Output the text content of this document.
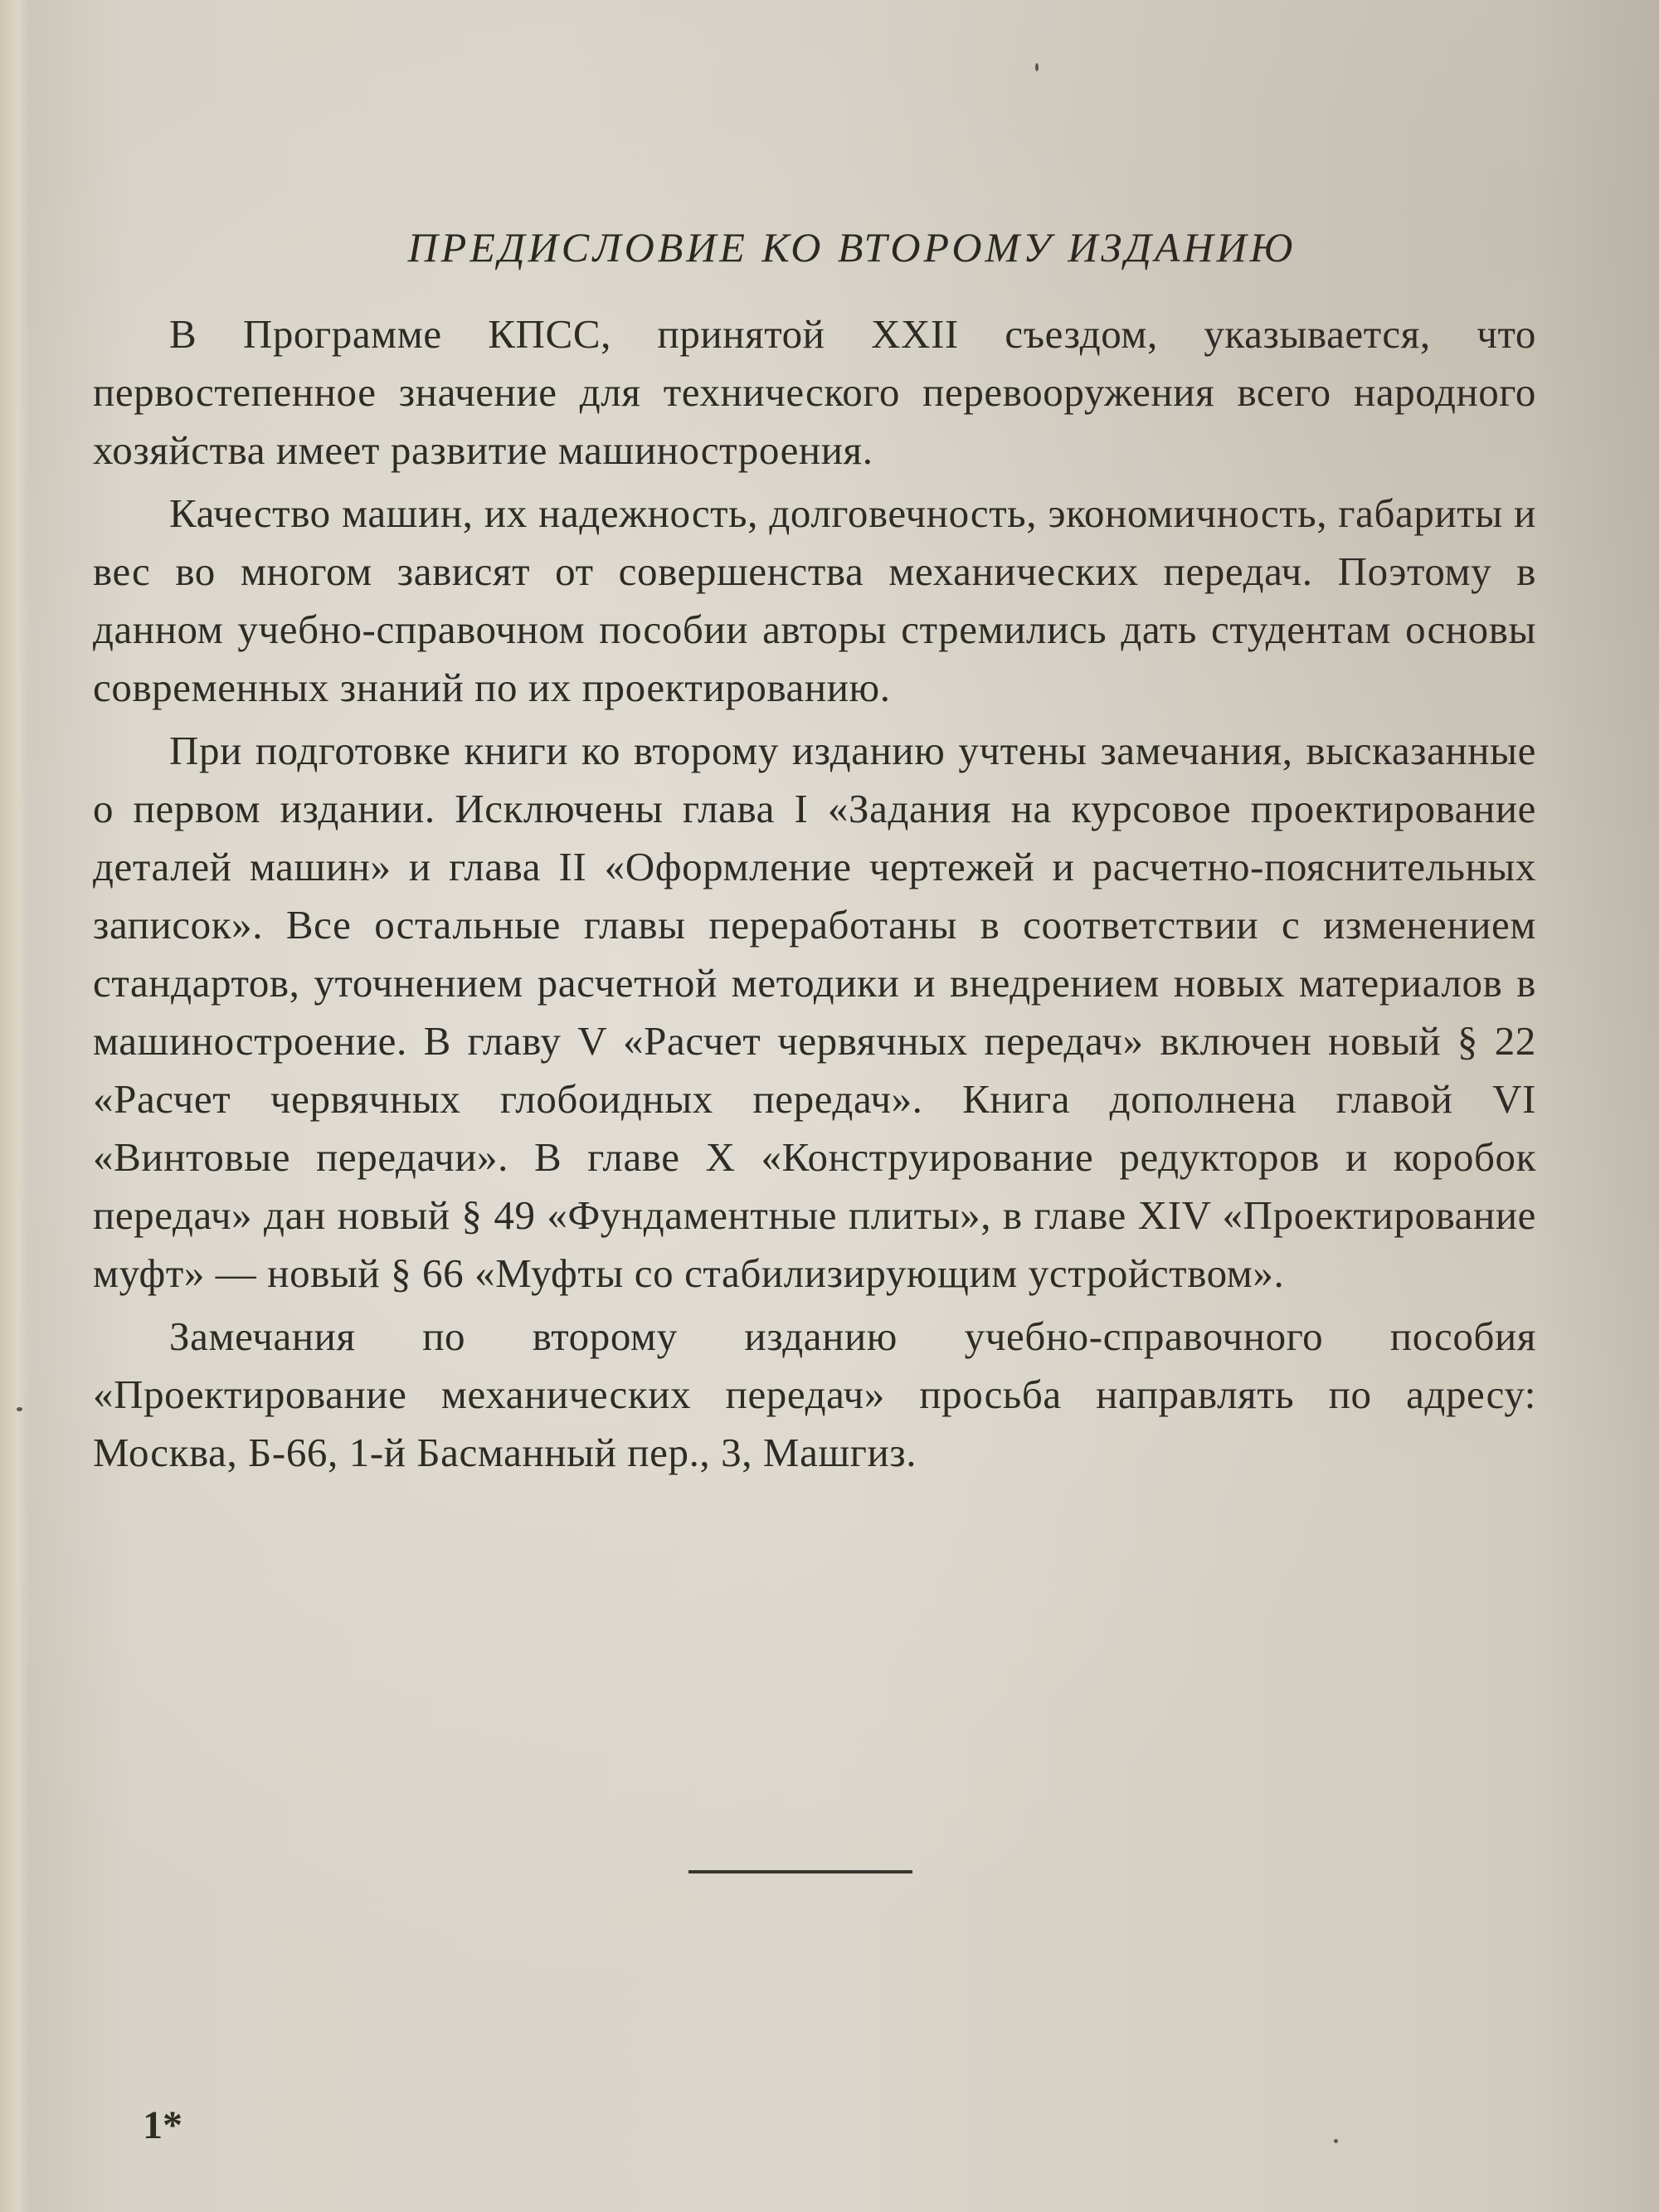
ПРЕДИСЛОВИЕ КО ВТОРОМУ ИЗДАНИЮ

В Программе КПСС, принятой XXII съездом, указывается, что первостепенное значение для технического перевооружения всего народного хозяйства имеет развитие машиностроения.

Качество машин, их надежность, долговечность, экономичность, габариты и вес во многом зависят от совершенства механических передач. Поэтому в данном учебно-справочном пособии авторы стремились дать студентам основы современных знаний по их проектированию.

При подготовке книги ко второму изданию учтены замечания, высказанные о первом издании. Исключены глава I «Задания на курсовое проектирование деталей машин» и глава II «Оформление чертежей и расчетно-пояснительных записок». Все остальные главы переработаны в соответствии с изменением стандартов, уточнением расчетной методики и внедрением новых материалов в машиностроение. В главу V «Расчет червячных передач» включен новый § 22 «Расчет червячных глобоидных передач». Книга дополнена главой VI «Винтовые передачи». В главе X «Конструирование редукторов и коробок передач» дан новый § 49 «Фундаментные плиты», в главе XIV «Проектирование муфт» — новый § 66 «Муфты со стабилизирующим устройством».

Замечания по второму изданию учебно-справочного пособия «Проектирование механических передач» просьба направлять по адресу: Москва, Б-66, 1-й Басманный пер., 3, Машгиз.

1*
